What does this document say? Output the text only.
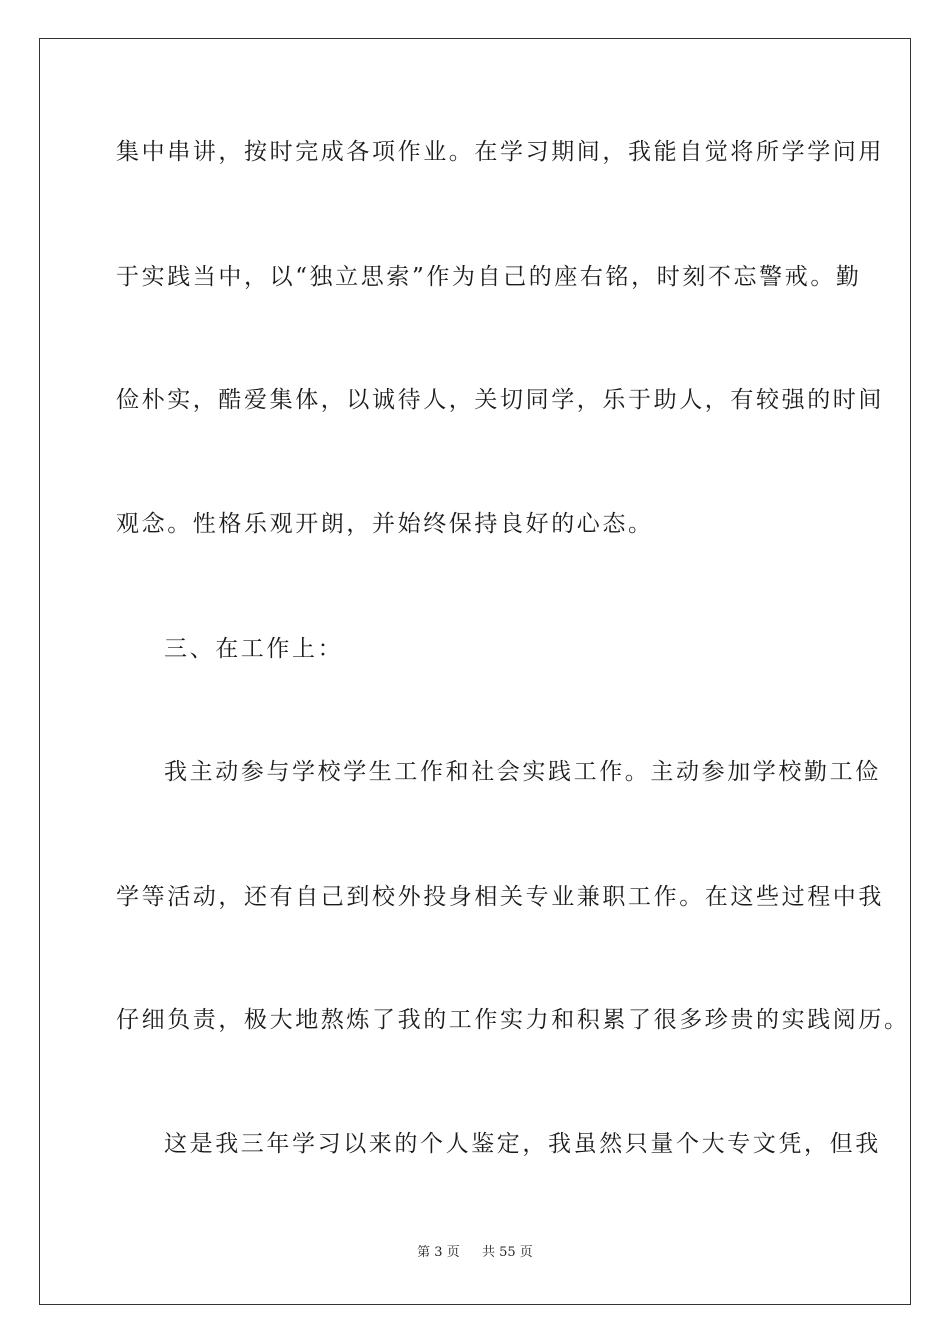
集中串讲，按时完成各项作业。在学习期间，我能自觉将所学学问用
于实践当中，以“独立思索”作为自己的座右铭，时刻不忘警戒。勤
俭朴实，酷爱集体，以诚待人，关切同学，乐于助人，有较强的时间
观念。性格乐观开朗，并始终保持良好的心态。
三、在工作上：
我主动参与学校学生工作和社会实践工作。主动参加学校勤工俭
学等活动，还有自己到校外投身相关专业兼职工作。在这些过程中我
仔细负责，极大地熬炼了我的工作实力和积累了很多珍贵的实践阅历。
这是我三年学习以来的个人鉴定，我虽然只量个大专文凭，但我
第 3 页 共 55 页
